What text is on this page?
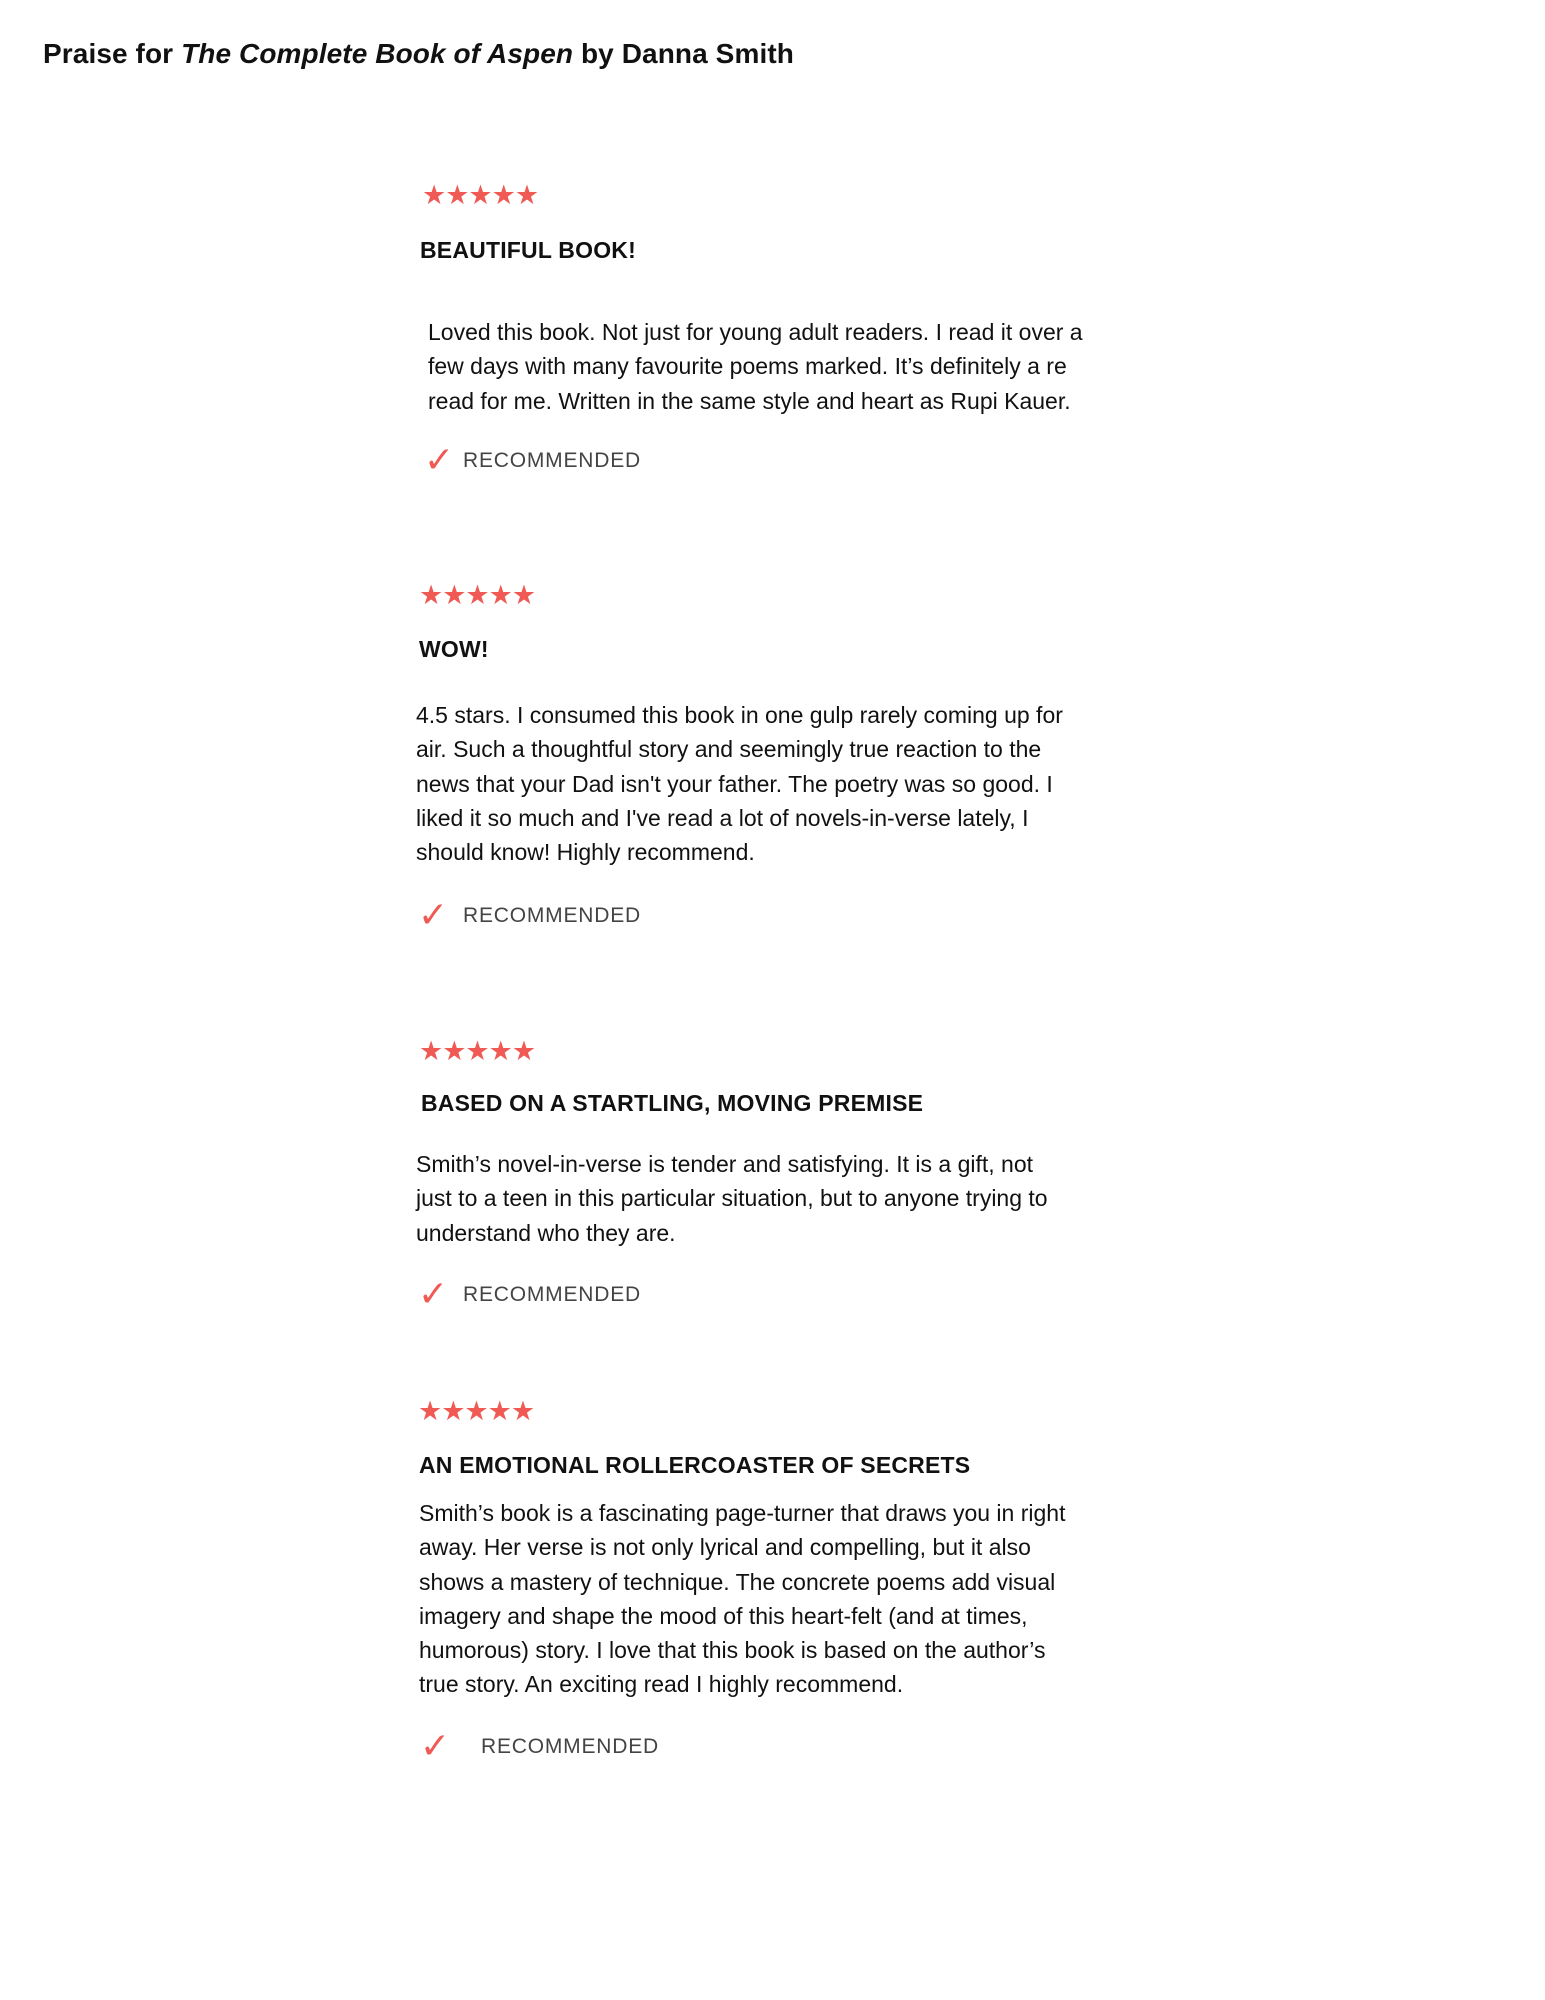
Praise for The Complete Book of Aspen by Danna Smith
★★★★★
BEAUTIFUL BOOK!
Loved this book. Not just for young adult readers. I read it over a
few days with many favourite poems marked. It’s definitely a re
read for me. Written in the same style and heart as Rupi Kauer.
✓ RECOMMENDED
★★★★★
WOW!
4.5 stars. I consumed this book in one gulp rarely coming up for
air. Such a thoughtful story and seemingly true reaction to the
news that your Dad isn't your father. The poetry was so good. I
liked it so much and I've read a lot of novels-in-verse lately, I
should know! Highly recommend.
✓ RECOMMENDED
★★★★★
BASED ON A STARTLING, MOVING PREMISE
Smith’s novel-in-verse is tender and satisfying. It is a gift, not
just to a teen in this particular situation, but to anyone trying to
understand who they are.
✓ RECOMMENDED
★★★★★
AN EMOTIONAL ROLLERCOASTER OF SECRETS
Smith’s book is a fascinating page-turner that draws you in right
away. Her verse is not only lyrical and compelling, but it also
shows a mastery of technique. The concrete poems add visual
imagery and shape the mood of this heart-felt (and at times,
humorous) story. I love that this book is based on the author’s
true story. An exciting read I highly recommend.
✓ RECOMMENDED
